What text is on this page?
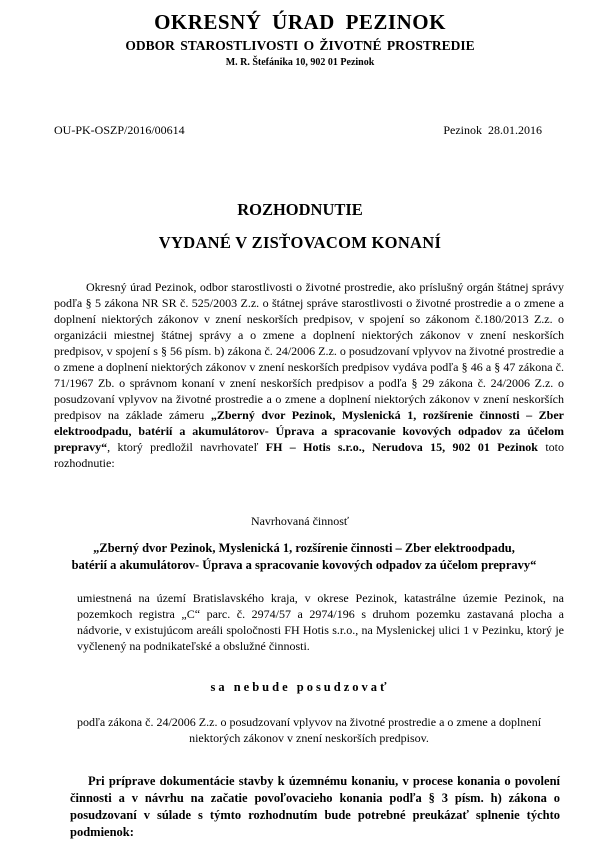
OKRESNÝ ÚRAD PEZINOK
ODBOR STAROSTLIVOSTI O ŽIVOTNÉ PROSTREDIE
M. R. Štefánika 10, 902 01 Pezinok
OU-PK-OSZP/2016/00614	Pezinok 28.01.2016
ROZHODNUTIE
VYDANÉ V ZISŤOVACOM KONANÍ

Okresný úrad Pezinok, odbor starostlivosti o životné prostredie, ako príslušný orgán štátnej správy podľa § 5 zákona NR SR č. 525/2003 Z.z. o štátnej správe starostlivosti o životné prostredie a o zmene a doplnení niektorých zákonov v znení neskorších predpisov, v spojení so zákonom č.180/2013 Z.z. o organizácii miestnej štátnej správy a o zmene a doplnení niektorých zákonov v znení neskorších predpisov, v spojení s § 56 písm. b) zákona č. 24/2006 Z.z. o posudzovaní vplyvov na životné prostredie a o zmene a doplnení niektorých zákonov v znení neskorších predpisov vydáva podľa § 46 a § 47 zákona č. 71/1967 Zb. o správnom konaní v znení neskorších predpisov a podľa § 29 zákona č. 24/2006 Z.z. o posudzovaní vplyvov na životné prostredie a o zmene a doplnení niektorých zákonov v znení neskorších predpisov na základe zámeru „Zberný dvor Pezinok, Myslenická 1, rozšírenie činnosti – Zber elektroodpadu, batérií a akumulátorov- Úprava a spracovanie kovových odpadov za účelom prepravy“, ktorý predložil navrhovateľ FH – Hotis s.r.o., Nerudova 15, 902 01 Pezinok toto rozhodnutie:

Navrhovaná činnosť
„Zberný dvor Pezinok, Myslenická 1, rozšírenie činnosti – Zber elektroodpadu,
batérií a akumulátorov- Úprava a spracovanie kovových odpadov za účelom prepravy“

umiestnená na území Bratislavského kraja, v okrese Pezinok, katastrálne územie Pezinok, na pozemkoch registra „C“ parc. č. 2974/57 a 2974/196 s druhom pozemku zastavaná plocha a nádvorie, v existujúcom areáli spoločnosti FH Hotis s.r.o., na Myslenickej ulici 1 v Pezinku, ktorý je vyčlenený na podnikateľské a obslužné činnosti.

sa nebude posudzovať
podľa zákona č. 24/2006 Z.z. o posudzovaní vplyvov na životné prostredie a o zmene a doplnení
niektorých zákonov v znení neskorších predpisov.

Pri príprave dokumentácie stavby k územnému konaniu, v procese konania o povolení činnosti a v návrhu na začatie povoľovacieho konania podľa § 3 písm. h) zákona o posudzovaní v súlade s týmto rozhodnutím bude potrebné preukázať splnenie týchto podmienok:
